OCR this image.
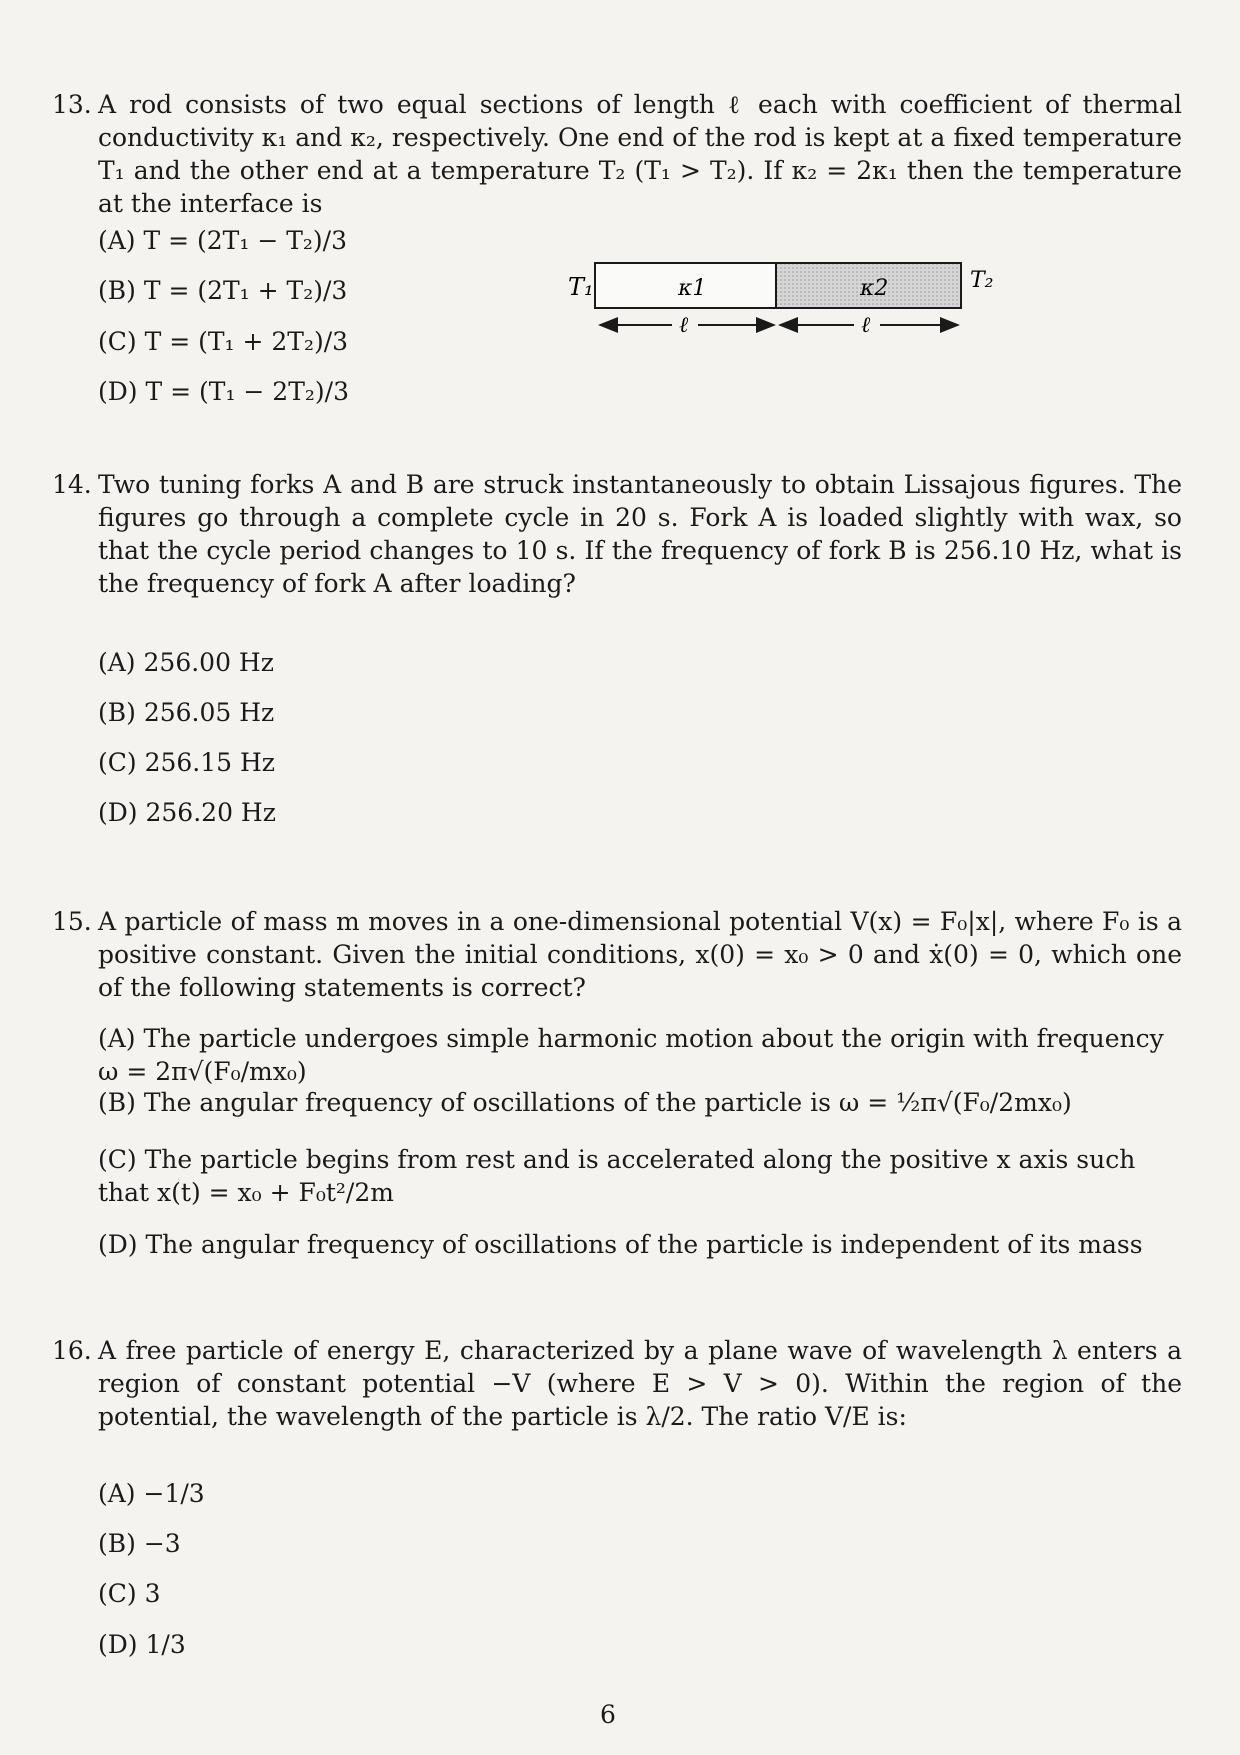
13. A rod consists of two equal sections of length ℓ each with coefficient of thermal conductivity κ₁ and κ₂, respectively. One end of the rod is kept at a fixed temperature T₁ and the other end at a temperature T₂ (T₁ > T₂). If κ₂ = 2κ₁ then the temperature at the interface is
(A) T = (2T₁ − T₂)/3
(B) T = (2T₁ + T₂)/3
(C) T = (T₁ + 2T₂)/3
(D) T = (T₁ − 2T₂)/3
T₁	κ1	κ2	T₂
ℓ	ℓ
14. Two tuning forks A and B are struck instantaneously to obtain Lissajous figures. The figures go through a complete cycle in 20 s. Fork A is loaded slightly with wax, so that the cycle period changes to 10 s. If the frequency of fork B is 256.10 Hz, what is the frequency of fork A after loading?
(A) 256.00 Hz
(B) 256.05 Hz
(C) 256.15 Hz
(D) 256.20 Hz
15. A particle of mass m moves in a one-dimensional potential V(x) = F₀|x|, where F₀ is a positive constant. Given the initial conditions, x(0) = x₀ > 0 and ẋ(0) = 0, which one of the following statements is correct?
(A) The particle undergoes simple harmonic motion about the origin with frequency ω = 2π√(F₀/mx₀)
(B) The angular frequency of oscillations of the particle is ω = ½π√(F₀/2mx₀)
(C) The particle begins from rest and is accelerated along the positive x axis such that x(t) = x₀ + F₀t²/2m
(D) The angular frequency of oscillations of the particle is independent of its mass
16. A free particle of energy E, characterized by a plane wave of wavelength λ enters a region of constant potential −V (where E > V > 0). Within the region of the potential, the wavelength of the particle is λ/2. The ratio V/E is:
(A) −1/3
(B) −3
(C) 3
(D) 1/3
6
